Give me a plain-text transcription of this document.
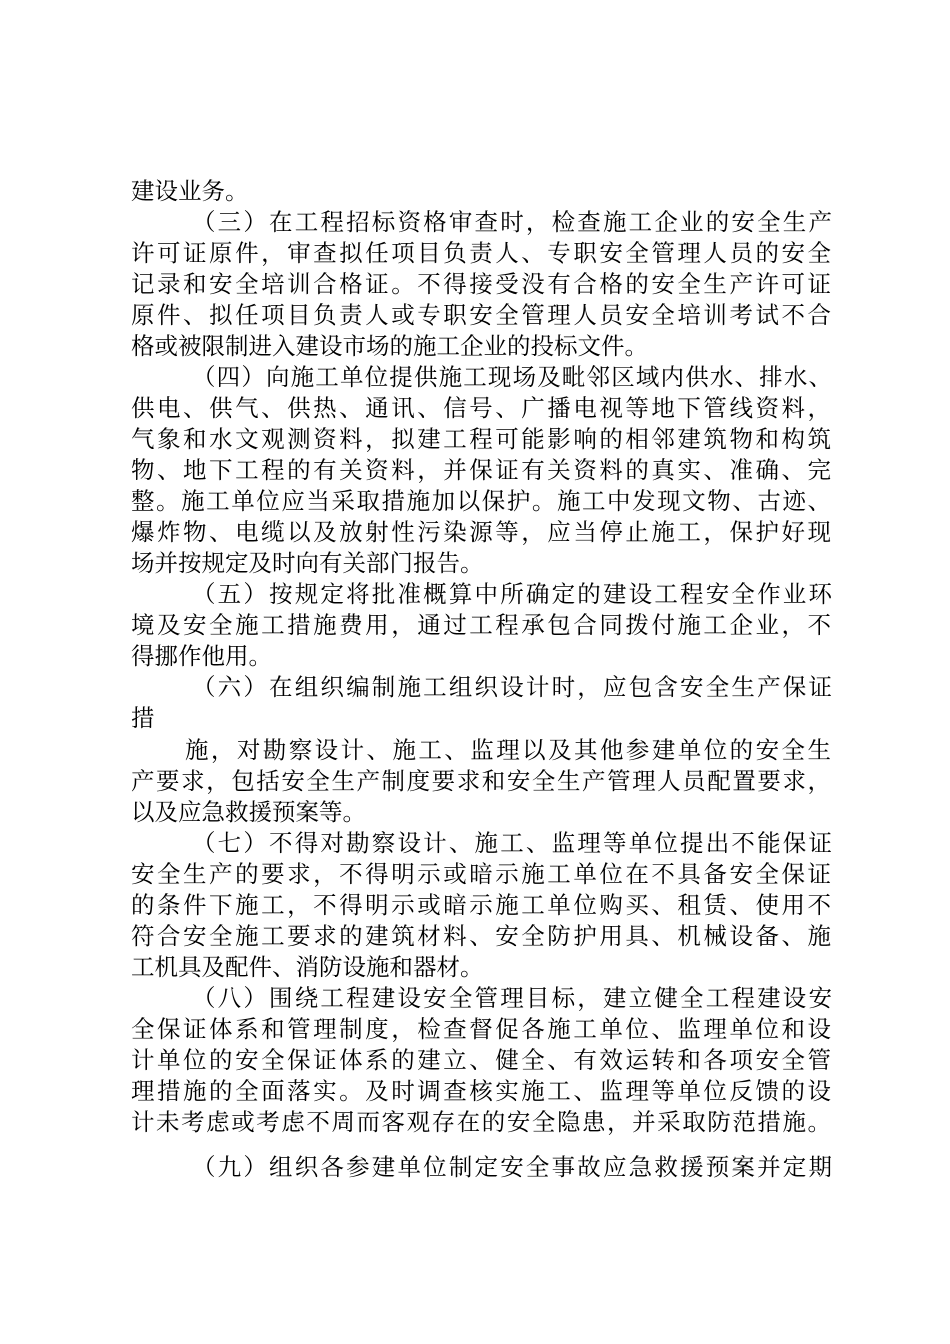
建设业务。
（三）在工程招标资格审查时，检查施工企业的安全生产
许可证原件，审查拟任项目负责人、专职安全管理人员的安全
记录和安全培训合格证。不得接受没有合格的安全生产许可证
原件、拟任项目负责人或专职安全管理人员安全培训考试不合
格或被限制进入建设市场的施工企业的投标文件。
（四）向施工单位提供施工现场及毗邻区域内供水、排水、
供电、供气、供热、通讯、信号、广播电视等地下管线资料，
气象和水文观测资料，拟建工程可能影响的相邻建筑物和构筑
物、地下工程的有关资料，并保证有关资料的真实、准确、完
整。施工单位应当采取措施加以保护。施工中发现文物、古迹、
爆炸物、电缆以及放射性污染源等，应当停止施工，保护好现
场并按规定及时向有关部门报告。
（五）按规定将批准概算中所确定的建设工程安全作业环
境及安全施工措施费用，通过工程承包合同拨付施工企业，不
得挪作他用。
（六）在组织编制施工组织设计时，应包含安全生产保证
措
施，对勘察设计、施工、监理以及其他参建单位的安全生
产要求，包括安全生产制度要求和安全生产管理人员配置要求，
以及应急救援预案等。
（七）不得对勘察设计、施工、监理等单位提出不能保证
安全生产的要求，不得明示或暗示施工单位在不具备安全保证
的条件下施工，不得明示或暗示施工单位购买、租赁、使用不
符合安全施工要求的建筑材料、安全防护用具、机械设备、施
工机具及配件、消防设施和器材。
（八）围绕工程建设安全管理目标，建立健全工程建设安
全保证体系和管理制度，检查督促各施工单位、监理单位和设
计单位的安全保证体系的建立、健全、有效运转和各项安全管
理措施的全面落实。及时调查核实施工、监理等单位反馈的设
计未考虑或考虑不周而客观存在的安全隐患，并采取防范措施。
（九）组织各参建单位制定安全事故应急救援预案并定期
